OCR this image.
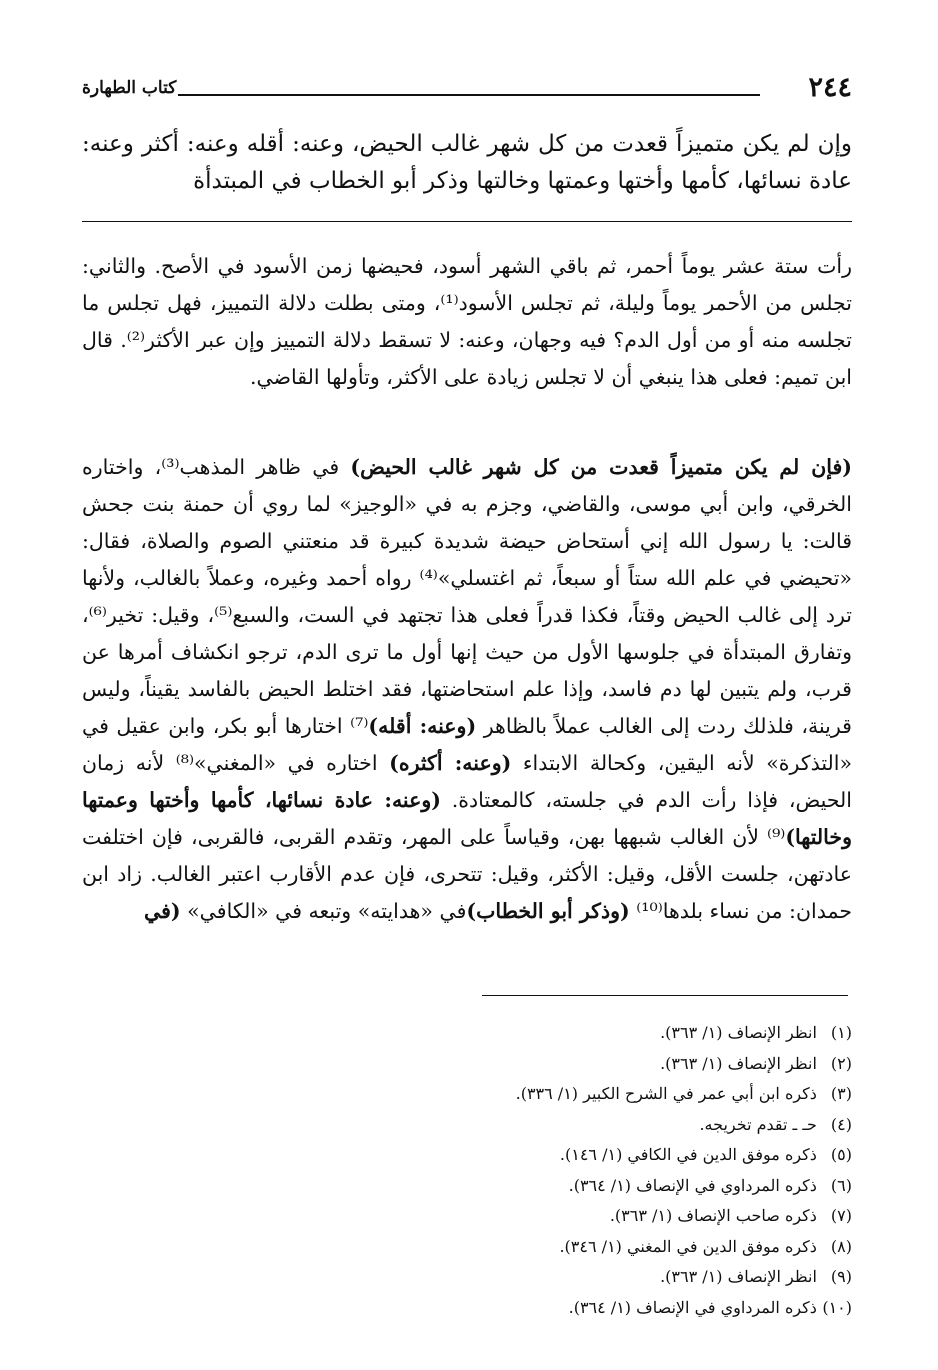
٢٤٤
كتاب الطهارة
وإن لم يكن متميزاً قعدت من كل شهر غالب الحيض، وعنه: أقله وعنه: أكثر وعنه: عادة نسائها، كأمها وأختها وعمتها وخالتها وذكر أبو الخطاب في المبتدأة
رأت ستة عشر يوماً أحمر، ثم باقي الشهر أسود، فحيضها زمن الأسود في الأصح. والثاني: تجلس من الأحمر يوماً وليلة، ثم تجلس الأسود⁽¹⁾، ومتى بطلت دلالة التمييز، فهل تجلس ما تجلسه منه أو من أول الدم؟ فيه وجهان، وعنه: لا تسقط دلالة التمييز وإن عبر الأكثر⁽²⁾. قال ابن تميم: فعلى هذا ينبغي أن لا تجلس زيادة على الأكثر، وتأولها القاضي.
(فإن لم يكن متميزاً قعدت من كل شهر غالب الحيض) في ظاهر المذهب⁽³⁾، واختاره الخرقي، وابن أبي موسى، والقاضي، وجزم به في «الوجيز» لما روي أن حمنة بنت جحش قالت: يا رسول الله إني أستحاض حيضة شديدة كبيرة قد منعتني الصوم والصلاة، فقال: «تحيضي في علم الله ستاً أو سبعاً، ثم اغتسلي»⁽⁴⁾ رواه أحمد وغيره، وعملاً بالغالب، ولأنها ترد إلى غالب الحيض وقتاً، فكذا قدراً فعلى هذا تجتهد في الست، والسبع⁽⁵⁾، وقيل: تخير⁽⁶⁾، وتفارق المبتدأة في جلوسها الأول من حيث إنها أول ما ترى الدم، ترجو انكشاف أمرها عن قرب، ولم يتبين لها دم فاسد، وإذا علم استحاضتها، فقد اختلط الحيض بالفاسد يقيناً، وليس قرينة، فلذلك ردت إلى الغالب عملاً بالظاهر (وعنه: أقله)⁽⁷⁾ اختارها أبو بكر، وابن عقيل في «التذكرة» لأنه اليقين، وكحالة الابتداء (وعنه: أكثره) اختاره في «المغني»⁽⁸⁾ لأنه زمان الحيض، فإذا رأت الدم في جلسته، كالمعتادة. (وعنه: عادة نسائها، كأمها وأختها وعمتها وخالتها)⁽⁹⁾ لأن الغالب شبهها بهن، وقياساً على المهر، وتقدم القربى، فالقربى، فإن اختلفت عادتهن، جلست الأقل، وقيل: الأكثر، وقيل: تتحرى، فإن عدم الأقارب اعتبر الغالب. زاد ابن حمدان: من نساء بلدها⁽¹⁰⁾ (وذكر أبو الخطاب)في «هدايته» وتبعه في «الكافي» (في
(١) انظر الإنصاف (١/ ٣٦٣).
(٢) انظر الإنصاف (١/ ٣٦٣).
(٣) ذكره ابن أبي عمر في الشرح الكبير (١/ ٣٣٦).
(٤) حـ ـ تقدم تخريجه.
(٥) ذكره موفق الدين في الكافي (١/ ١٤٦).
(٦) ذكره المرداوي في الإنصاف (١/ ٣٦٤).
(٧) ذكره صاحب الإنصاف (١/ ٣٦٣).
(٨) ذكره موفق الدين في المغني (١/ ٣٤٦).
(٩) انظر الإنصاف (١/ ٣٦٣).
(١٠) ذكره المرداوي في الإنصاف (١/ ٣٦٤).
